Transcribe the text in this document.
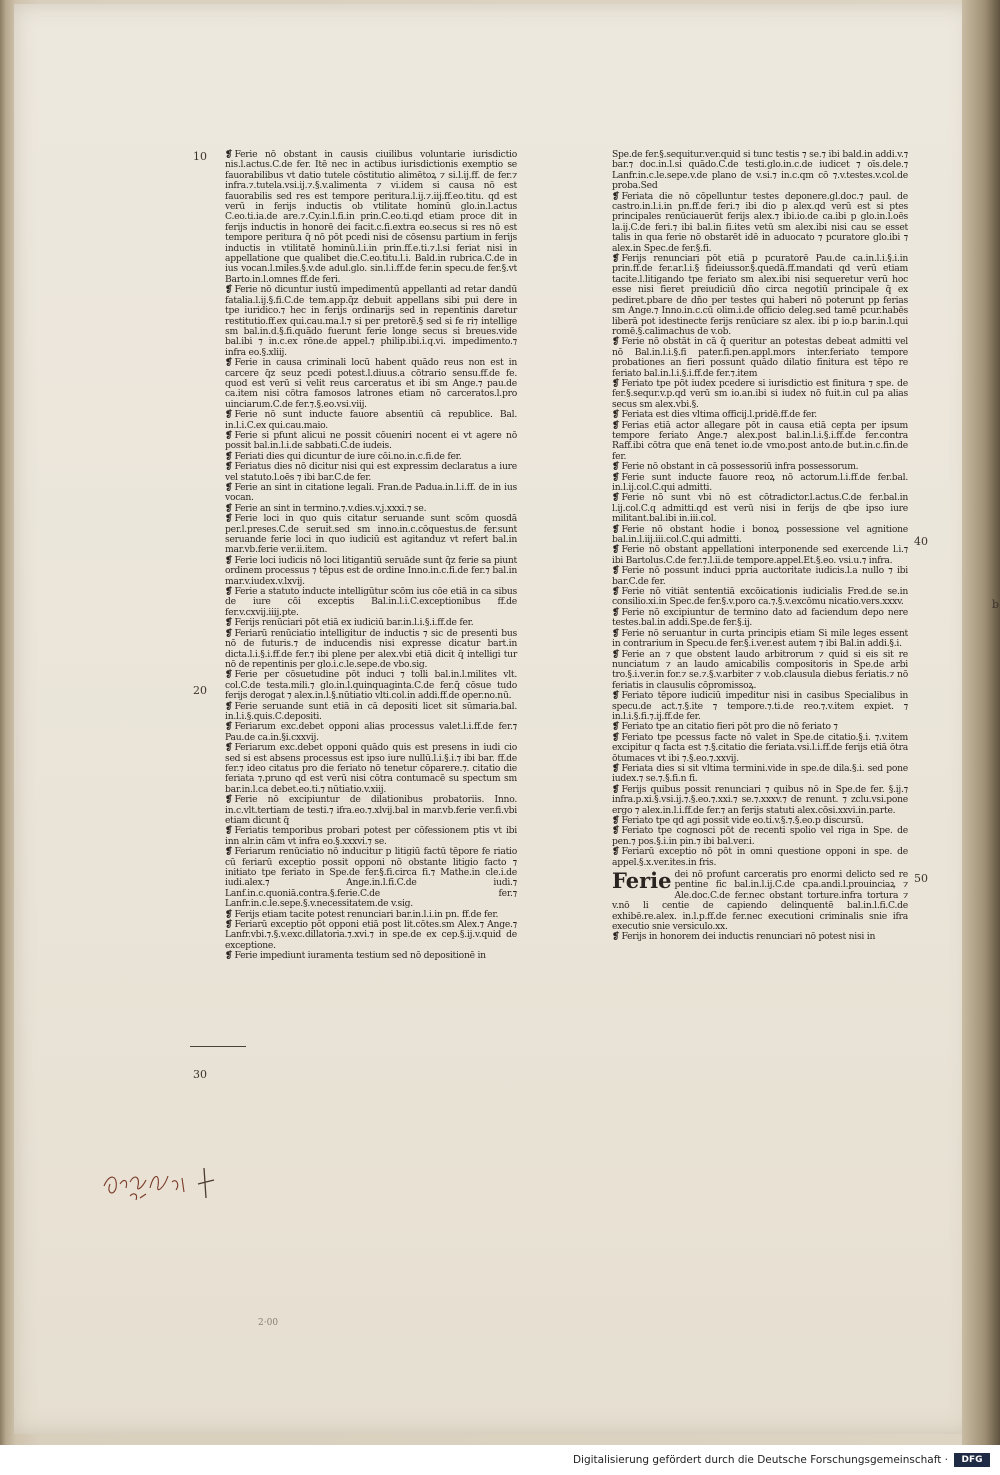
10
20
30
40
50
b

❡ Ferie nō obstant in causis ciuilibus voluntarie iurisdictio nis.l.actus.C.de fer. Itē nec in actibus iurisdictionis exemptio se fauorabilibus vt datio tutele cōstitutio alimētoꝝ ⁊ si.l.ij.ff. de fer.⁊ infra.⁊.tutela.vsi.ij.⁊.§.v.alimenta ⁊ vi.idem si causa nō est fauorabilis sed res est tempore peritura.l.ij.⁊.iij.ff.eo.titu. qd est verū in ferijs inductis ob vtilitate hominū glo.in.l.actus C.eo.ti.ia.de are.⁊.Cy.in.l.fi.in prin.C.eo.ti.qd etiam proce dit in ferijs inductis in honorē dei facit.c.fi.extra eo.secus si res nō est tempore peritura q̄ nō pōt pcedi nisi de cōsensu partium in ferijs inductis in vtilitatē hominū.l.i.in prin.ff.e.ti.⁊.l.si feriat nisi in appellatione que qualibet die.C.eo.titu.l.i. Bald.in rubrica.C.de in ius vocan.l.miles.§.v.de adul.glo. sin.l.i.ff.de fer.in specu.de fer.§.vt Barto.in.l.omnes ff.de feri.

❡ Ferie nō dicuntur iustū impedimentū appellanti ad retar dandū fatalia.l.ij.§.fi.C.de tem.app.q̄z debuit appellans sibi pui dere in tpe iuridico.⁊ hec in ferijs ordinarijs sed in repentinis daretur restitutio.ff.ex qui.cau.ma.l.⁊ si per pretorē.§ sed si fe ri⁊ intellige sm bal.in.d.§.fi.quādo fuerunt ferie longe secus si breues.vide bal.ibi ⁊ in.c.ex rōne.de appel.⁊ philip.ibi.i.q.vi. impedimento.⁊ infra eo.§.xliij.

❡ Ferie in causa criminali locū habent quādo reus non est in carcere q̄z seuz pcedi potest.l.diuus.a cōtrario sensu.ff.de fe. quod est verū si velit reus carceratus et ibi sm Ange.⁊ pau.de ca.item nisi cōtra famosos latrones etiam nō carceratos.l.pro uinciarum.C.de fer.⁊.§.eo.vsi.viij.

❡ Ferie nō sunt inducte fauore absentiū cā republice. Bal. in.l.i.C.ex qui.cau.maio.

❡ Ferie si pfunt alicui ne possit cōueniri nocent ei vt agere nō possit bal.in.l.i.de sabbati.C.de iudeis.

❡ Feriati dies qui dicuntur de iure cōi.no.in.c.fi.de fer.

❡ Feriatus dies nō dicitur nisi qui est expressim declaratus a iure vel statuto.l.oēs ⁊ ibi bar.C.de fer.

❡ Ferie an sint in citatione legali. Fran.de Padua.in.l.i.ff. de in ius vocan.

❡ Ferie an sint in termino.⁊.v.dies.v.j.xxxi.⁊ se.

❡ Ferie loci in quo quis citatur seruande sunt scōm quosdā per.l.preses.C.de seruit.sed sm inno.in.c.cōquestus.de fer.sunt seruande ferie loci in quo iudiciū est agitanduz vt refert bal.in mar.vb.ferie ver.ii.item.

❡ Ferie loci iudicis nō loci litigantiū seruāde sunt q̄z ferie sa piunt ordinem processus ⁊ tēpus est de ordine Inno.in.c.fi.de fer.⁊ bal.in mar.v.iudex.v.lxvij.

❡ Ferie a statuto inducte intelligūtur scōm ius cōe etiā in ca sibus de iure cōi exceptis Bal.in.l.i.C.exceptionibus ff.de fer.v.cxvij.iiij.pte.

❡ Ferijs renūciari pōt etiā ex iudiciū bar.in.l.i.§.i.ff.de fer.

❡ Feriarū renūciatio intelligitur de inductis ⁊ sic de presenti bus nō de futuris.⁊ de inducendis nisi expresse dicatur bart.in dicta.l.i.§.i.ff.de fer.⁊ ibi plene per alex.vbi etiā dicit q̄ intelligi tur nō de repentinis per glo.i.c.le.sepe.de vbo.sig.

❡ Ferie per cōsuetudine pōt induci ⁊ tolli bal.in.l.milites vlt. col.C.de testa.mili.⁊ glo.in.l.quinquaginta.C.de fer.q̄ cōsue tudo ferijs derogat ⁊ alex.in.l.§.nūtiatio vlti.col.in addi.ff.de oper.no.nū.

❡ Ferie seruande sunt etiā in cā depositi licet sit sūmaria.bal. in.l.i.§.quis.C.depositi.

❡ Feriarum exc.debet opponi alias processus valet.l.i.ff.de fer.⁊ Pau.de ca.in.§i.cxxvij.

❡ Feriarum exc.debet opponi quādo quis est presens in iudi cio sed si est absens processus est ipso iure nullū.l.i.§.i.⁊ ibi bar. ff.de fer.⁊ ideo citatus pro die feriato nō tenetur cōparere.⁊. citatio die feriata ⁊.pruno qd est verū nisi cōtra contumacē su spectum sm bar.in.l.ca debet.eo.ti.⁊ nūtiatio.v.xiij.

❡ Ferie nō excipiuntur de dilationibus probatoriis. Inno. in.c.vlt.tertiam de testi.⁊ ifra.eo.⁊.xlvij.bal in mar.vb.ferie ver.fi.vbi etiam dicunt q̄

❡ Feriatis temporibus probari potest per cōfessionem ptis vt ibi inn alr.in cām vt infra eo.§.xxxvi.⁊ se.

❡ Feriarum renūciatio nō inducitur p litigiū factū tēpore fe riatio cū feriarū exceptio possit opponi nō obstante litigio facto ⁊ initiato tpe feriato in Spe.de fer.§.fi.circa fi.⁊ Mathe.in cle.i.de iudi.alex.⁊ Ange.in.l.fi.C.de iudi.⁊ Lanf.in.c.quoniā.contra.§.ferie.C.de fer.⁊ Lanfr.in.c.le.sepe.§.v.necessitatem.de v.sig.

❡ Ferijs etiam tacite potest renunciari bar.in.l.i.in pn. ff.de fer.

❡ Feriarū exceptio pōt opponi etiā post lit.cōtes.sm Alex.⁊ Ange.⁊ Lanfr.vbi.⁊.§.v.exc.dillatoria.⁊.xvi.⁊ in spe.de ex cep.§.ij.v.quid de exceptione.

❡ Ferie impediunt iuramenta testium sed nō depositionē in

Spe.de fer.§.sequitur.ver.quid si tunc testis ⁊ se.⁊ ibi bald.in addi.v.⁊ bar.⁊ doc.in.l.si quādo.C.de testi.glo.in.c.de iudicet ⁊ oīs.dele.⁊ Lanfr.in.c.le.sepe.v.de plano de v.si.⁊ in.c.qm cō ⁊.v.testes.v.col.de proba.Sed

❡ Feriata die nō cōpelluntur testes deponere.gl.doc.⁊ paul. de castro.in.l.i.in pn.ff.de feri.⁊ ibi dio p alex.qd verū est si ptes principales renūciauerūt ferijs alex.⁊ ibi.io.de ca.ibi p glo.in.l.oēs la.ij.C.de feri.⁊ ibi bal.in fi.ites vetū sm alex.ibi nisi cau se esset talis in qua ferie nō obstarēt idē in aduocato ⁊ pcuratore glo.ibi ⁊ alex.in Spec.de fer.§.fi.

❡ Ferijs renunciari pōt etiā p pcuratorē Pau.de ca.in.l.i.§.i.in prin.ff.de fer.ar.l.i.§ fideiussor.§.quedā.ff.mandati qd verū etiam tacite.l.litigando tpe feriato sm alex.ibi nisi sequeretur verū hoc esse nisi fieret preiudiciū dn̄o circa negotiū principale q̄ ex pediret.pbare de dn̄o per testes qui haberi nō poterunt pp ferias sm Ange.⁊ Inno.in.c.cū olim.i.de officio deleg.sed tamē pcur.habēs liberā pot idestinecte ferijs renūciare sz alex. ibi p io.p bar.in.l.qui romē.§.calimachus de v.ob.

❡ Ferie nō obstāt in cā q̄ queritur an potestas debeat admitti vel nō Bal.in.l.i.§.fi pater.fi.pen.appl.mors inter.feriato tempore probationes an fieri possunt quādo dilatio finitura est tēpo re feriato bal.in.l.i.§.i.ff.de fer.⁊.item

❡ Feriato tpe pōt iudex pcedere si iurisdictio est finitura ⁊ spe. de fer.§.sequr.v.p.qd verū sm io.an.ibi si iudex nō fuit.in cul pa alias secus sm alex.vbi.§.

❡ Feriata est dies vltima officij.l.pridē.ff.de fer.

❡ Ferias etiā actor allegare pōt in causa etiā cepta per ipsum tempore feriato Ange.⁊ alex.post bal.in.l.i.§.i.ff.de fer.contra Raff.ibi cōtra que enā tenet io.de vmo.post anto.de but.in.c.fin.de fer.

❡ Ferie nō obstant in cā possessoriū infra possessorum.

❡ Ferie sunt inducte fauore reoꝝ nō actorum.l.i.ff.de fer.bal. in.l.ij.col.C.qui admitti.

❡ Ferie nō sunt vbi nō est cōtradictor.l.actus.C.de fer.bal.in l.ij.col.C.q admitti.qd est verū nisi in ferijs de qbe ipso iure militant.bal.ibi in.iii.col.

❡ Ferie nō obstant hodie i bonoꝝ possessione vel agnitione bal.in.l.iij.iii.col.C.qui admitti.

❡ Ferie nō obstant appellationi interponende sed exercende l.i.⁊ ibi Bartolus.C.de fer.⁊.l.ii.de tempore.appel.Et.§.eo. vsi.u.⁊ infra.

❡ Ferie nō possunt induci ppria auctoritate iudicis.l.a nullo ⁊ ibi bar.C.de fer.

❡ Ferie nō vitiāt sententiā excōicationis iudicialis Fred.de se.in consilio.xi.in Spec.de fer.§.v.poro ca.⁊.§.v.excōmu nicatio.vers.xxxv.

❡ Ferie nō excipiuntur de termino dato ad faciendum depo nere testes.bal.in addi.Spe.de fer.§.ij.

❡ Ferie nō seruantur in curta principis etiam Si mile leges essent in contrarium in Specu.de fer.§.i.ver.est autem ⁊ ibi Bal.in addi.§.i.

❡ Ferie an ⁊ que obstent laudo arbitrorum ⁊ quid si eis sit re nunciatum ⁊ an laudo amicabilis compositoris in Spe.de arbi tro.§.i.ver.in for.⁊ se.⁊.§.v.arbiter ⁊ v.ob.clausula diebus feriatis.⁊ nō feriatis in clausulis cōpromissoꝝ.

❡ Feriato tēpore iudiciū impeditur nisi in casibus Specialibus in specu.de act.⁊.§.ite ⁊ tempore.⁊.ti.de reo.⁊.v.item expiet. ⁊ in.l.i.§.fi.⁊.ij.ff.de fer.

❡ Feriato tpe an citatio fieri pōt pro die nō feriato ⁊

❡ Feriato tpe pcessus facte nō valet in Spe.de citatio.§.i. ⁊.v.item excipitur q facta est ⁊.§.citatio die feriata.vsi.l.i.ff.de ferijs etiā ōtra ōtumaces vt ibi ⁊.§.eo.⁊.xxvij.

❡ Feriata dies si sit vltima termini.vide in spe.de dila.§.i. sed pone iudex.⁊ se.⁊.§.fi.n fi.

❡ Ferijs quibus possit renunciari ⁊ quibus nō in Spe.de fer. §.ij.⁊ infra.p.xi.§.vsi.ij.⁊.§.eo.⁊.xxi.⁊ se.⁊.xxxv.⁊ de renunt. ⁊ zclu.vsi.pone ergo ⁊ alex.in.l.i.ff.de fer.⁊ an ferijs statuti alex.cōsi.xxvi.in.parte.

❡ Feriato tpe qd agi possit vide eo.ti.v.§.⁊.§.eo.p discursū.

❡ Feriato tpe cognosci pōt de recenti spolio vel riga in Spe. de pen.⁊ pos.§.i.in pin.⁊ ibi bal.ver.i.

❡ Feriarū exceptio nō pōt in omni questione opponi in spe. de appel.§.x.ver.ites.in fris.

Ferie dei nō profunt carceratis pro enormi delicto sed re pentine fic bal.in.l.ij.C.de cpa.andi.l.prouinciaꝝ ⁊ Ale.doc.C.de fer.nec obstant torture.infra tortura ⁊ v.nō li centie de capiendo delinquentē bal.in.l.fi.C.de exhibē.re.alex. in.l.p.ff.de fer.nec executioni criminalis snie ifra executio snie versiculo.xx.

❡ Ferijs in honorem dei inductis renunciari nō potest nisi in

2·00
Digitalisierung gefördert durch die Deutsche Forschungsgemeinschaft ·	DFG
